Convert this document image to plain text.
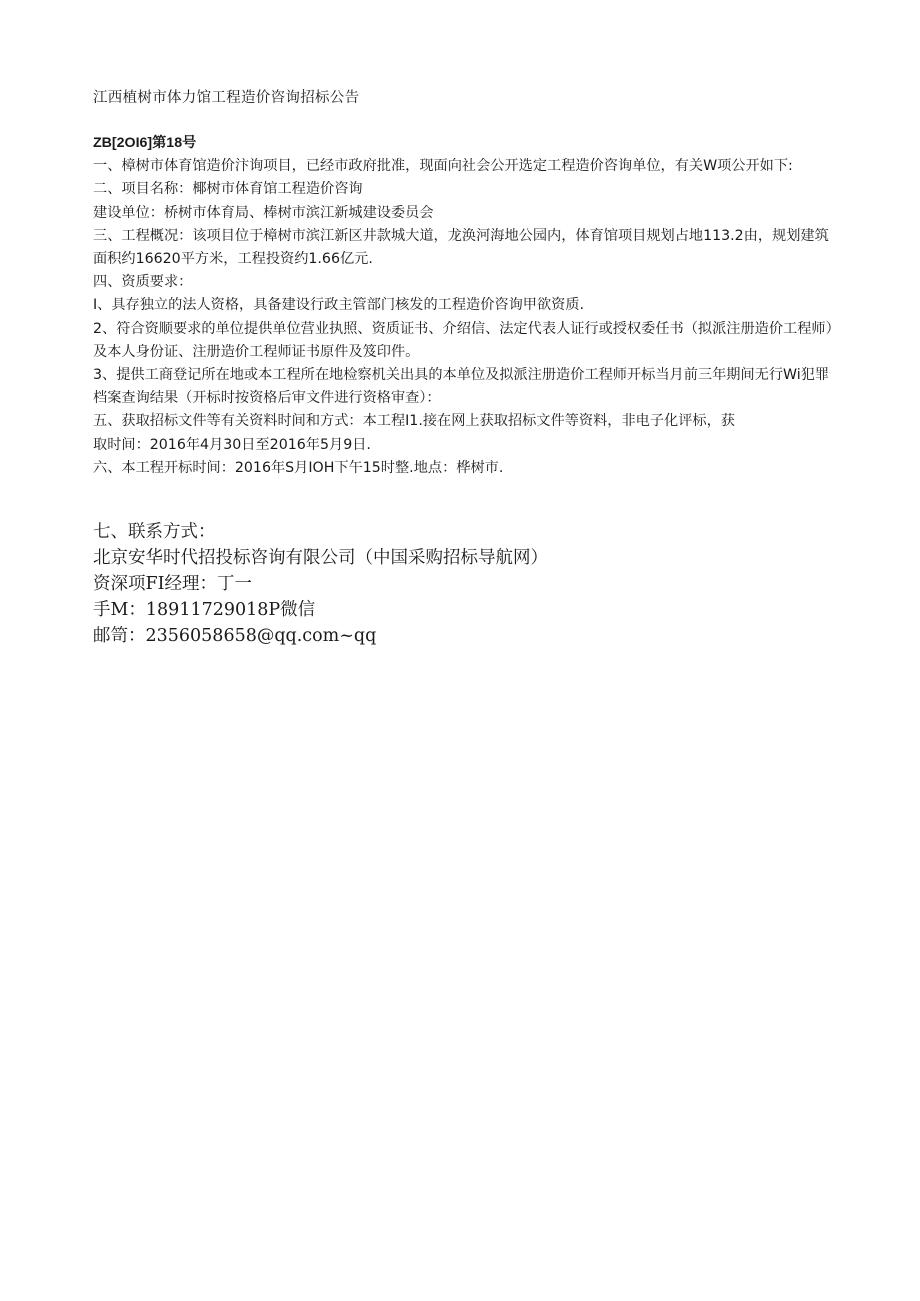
江西植树市体力馆工程造价咨询招标公告

ZB[2OI6]第18号

一、樟树市体育馆造价汴询项目，已经市政府批准，现面向社会公开选定工程造价咨询单位，有关W项公开如下:

二、项目名称：椰树市体育馆工程造价咨询

建设单位：桥树市体育局、棒树市滨江新城建设委员会

三、工程概况：该项目位于樟树市滨江新区井款城大道，龙涣河海地公园内，体育馆项目规划占地113.2由，规划建筑面积约16620平方米，工程投资约1.66亿元.

四、资质要求：

I、具存独立的法人资格，具备建设行政主管部门核发的工程造价咨询甲欲资质.

2、符合资顺要求的单位提供单位营业执照、资质证书、介绍信、法定代表人证行或授权委任书（拟派注册造价工程师）及本人身份证、注册造价工程师证书原件及笈印件。

3、提供工商登记所在地或本工程所在地检察机关出具的本单位及拟派注册造价工程师开标当月前三年期间无行Wi犯罪档案查询结果（开标时按资格后审文件进行资格审查）：

五、获取招标文件等有关资料时间和方式：本工程I1.接在网上获取招标文件等资料，非电子化评标，获

取时间：2016年4月30日至2016年5月9日.

六、本工程开标时间：2016年S月IOH下午15时整.地点：桦树市.

七、联系方式：

北京安华时代招投标咨询有限公司（中国采购招标导航网）

资深项FI经理：丁一

手M：18911729018P微信

邮笥：2356058658@qq.com~qq
